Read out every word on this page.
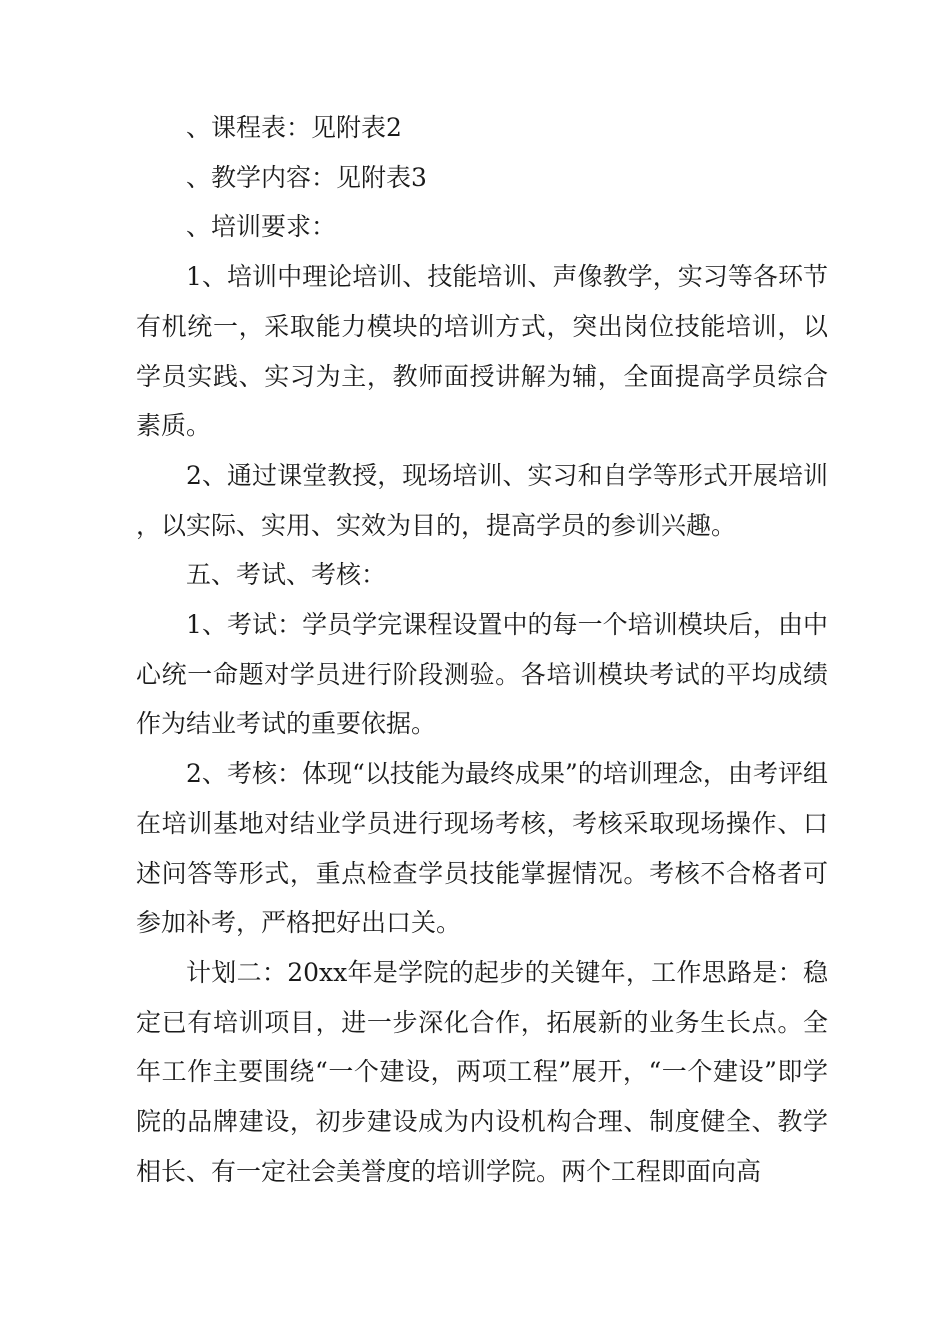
、课程表：见附表2

、教学内容：见附表3

、培训要求：

1、培训中理论培训、技能培训、声像教学，实习等各环节有机统一，采取能力模块的培训方式，突出岗位技能培训，以学员实践、实习为主，教师面授讲解为辅，全面提高学员综合素质。

2、通过课堂教授，现场培训、实习和自学等形式开展培训，以实际、实用、实效为目的，提高学员的参训兴趣。

五、考试、考核：

1、考试：学员学完课程设置中的每一个培训模块后，由中心统一命题对学员进行阶段测验。各培训模块考试的平均成绩作为结业考试的重要依据。

2、考核：体现“以技能为最终成果”的培训理念，由考评组在培训基地对结业学员进行现场考核，考核采取现场操作、口述问答等形式，重点检查学员技能掌握情况。考核不合格者可参加补考，严格把好出口关。

计划二：20xx年是学院的起步的关键年，工作思路是：稳定已有培训项目，进一步深化合作，拓展新的业务生长点。全年工作主要围绕“一个建设，两项工程”展开，“一个建设”即学院的品牌建设，初步建设成为内设机构合理、制度健全、教学相长、有一定社会美誉度的培训学院。两个工程即面向高
